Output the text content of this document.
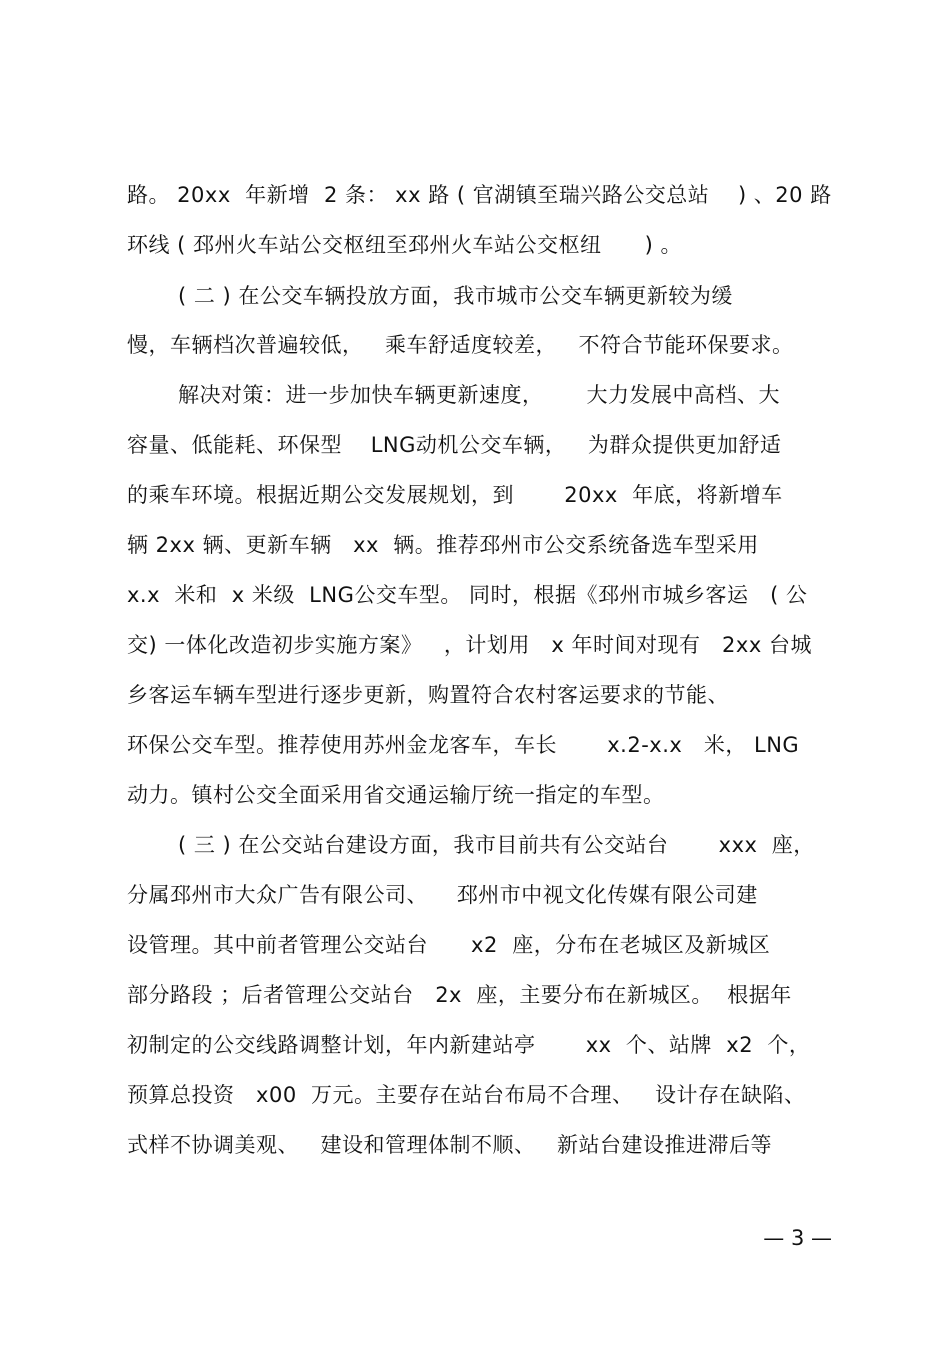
路。 20xx  年新增  2 条： xx 路 ( 官湖镇至瑞兴路公交总站    ) 、20 路
环线 ( 邳州火车站公交枢纽至邳州火车站公交枢纽      ) 。
( 二 ) 在公交车辆投放方面，我市城市公交车辆更新较为缓
慢，车辆档次普遍较低，   乘车舒适度较差，   不符合节能环保要求。
解决对策：进一步加快车辆更新速度，      大力发展中高档、大
容量、低能耗、环保型    LNG动机公交车辆，   为群众提供更加舒适
的乘车环境。根据近期公交发展规划，到       20xx  年底，将新增车
辆 2xx 辆、更新车辆   xx  辆。推荐邳州市公交系统备选车型采用
x.x  米和  x 米级  LNG公交车型。 同时，根据《邳州市城乡客运   ( 公
交) 一体化改造初步实施方案》   ，计划用   x 年时间对现有   2xx 台城
乡客运车辆车型进行逐步更新，购置符合农村客运要求的节能、
环保公交车型。推荐使用苏州金龙客车，车长       x.2-x.x   米， LNG
动力。镇村公交全面采用省交通运输厅统一指定的车型。
( 三 ) 在公交站台建设方面，我市目前共有公交站台       xxx  座，
分属邳州市大众广告有限公司、    邳州市中视文化传媒有限公司建
设管理。其中前者管理公交站台      x2  座，分布在老城区及新城区
部分路段 ；后者管理公交站台   2x  座，主要分布在新城区。  根据年
初制定的公交线路调整计划，年内新建站亭       xx  个、站牌  x2  个，
预算总投资   x00  万元。主要存在站台布局不合理、   设计存在缺陷、
式样不协调美观、   建设和管理体制不顺、   新站台建设推进滞后等
— 3 —
